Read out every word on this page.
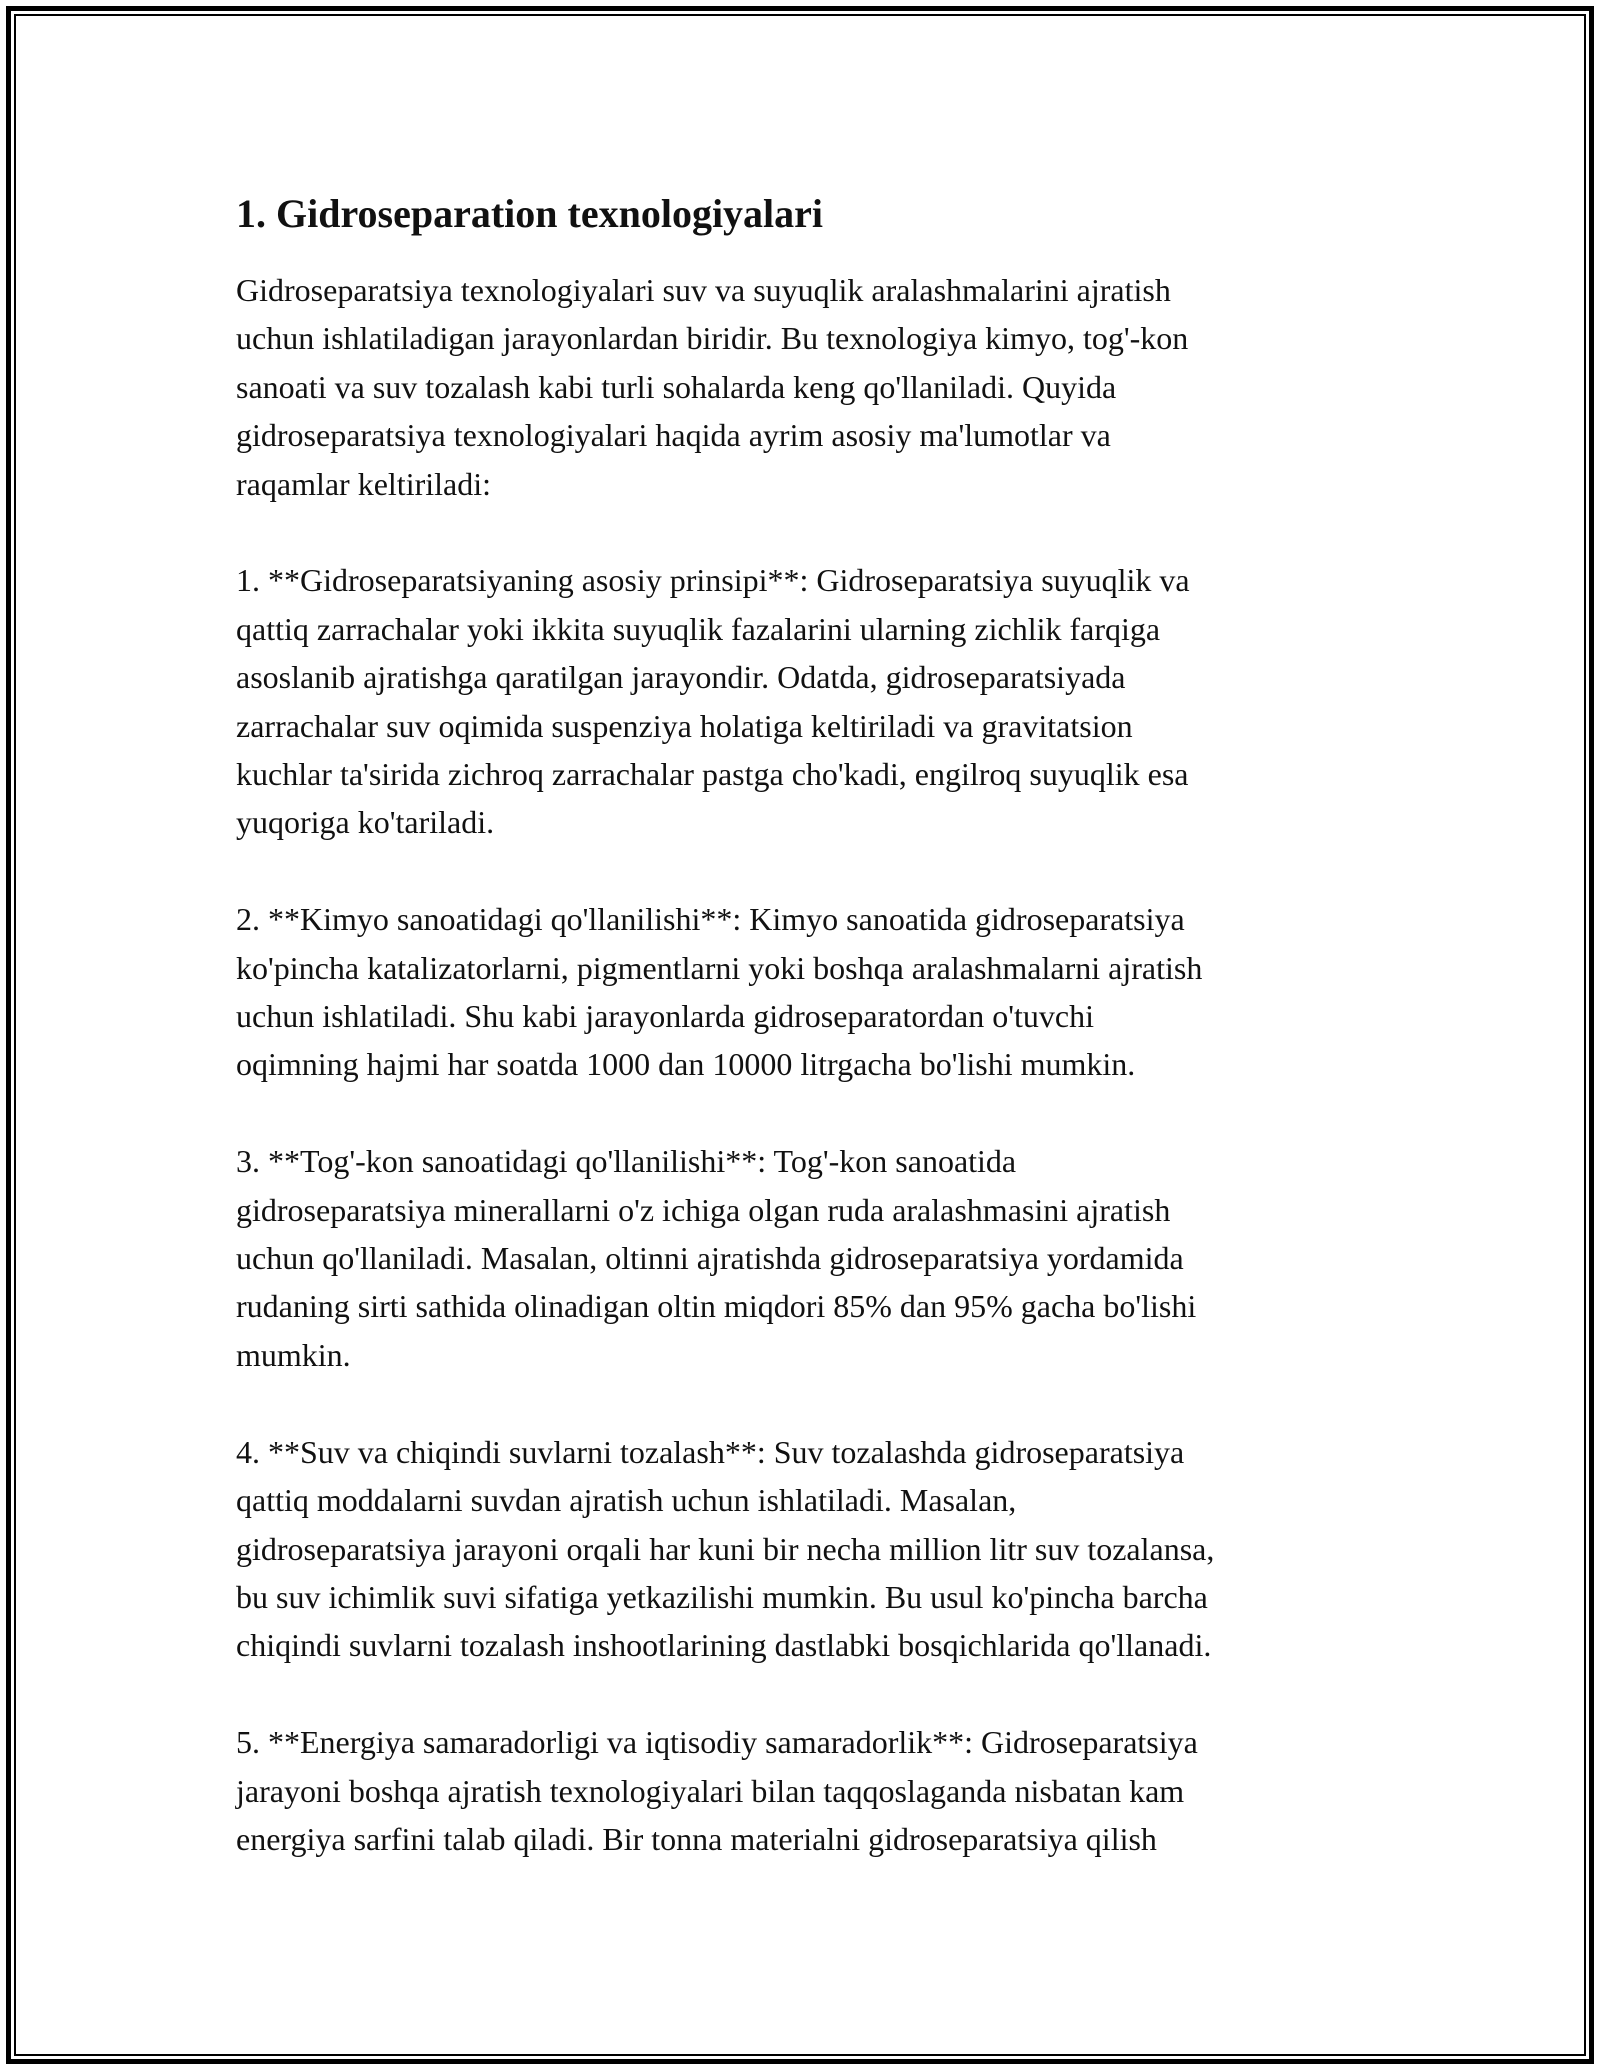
1. Gidroseparation texnologiyalari

Gidroseparatsiya texnologiyalari suv va suyuqlik aralashmalarini ajratish
uchun ishlatiladigan jarayonlardan biridir. Bu texnologiya kimyo, tog'-kon
sanoati va suv tozalash kabi turli sohalarda keng qo'llaniladi. Quyida
gidroseparatsiya texnologiyalari haqida ayrim asosiy ma'lumotlar va
raqamlar keltiriladi:

1. **Gidroseparatsiyaning asosiy prinsipi**: Gidroseparatsiya suyuqlik va
qattiq zarrachalar yoki ikkita suyuqlik fazalarini ularning zichlik farqiga
asoslanib ajratishga qaratilgan jarayondir. Odatda, gidroseparatsiyada
zarrachalar suv oqimida suspenziya holatiga keltiriladi va gravitatsion
kuchlar ta'sirida zichroq zarrachalar pastga cho'kadi, engilroq suyuqlik esa
yuqoriga ko'tariladi.

2. **Kimyo sanoatidagi qo'llanilishi**: Kimyo sanoatida gidroseparatsiya
ko'pincha katalizatorlarni, pigmentlarni yoki boshqa aralashmalarni ajratish
uchun ishlatiladi. Shu kabi jarayonlarda gidroseparatordan o'tuvchi
oqimning hajmi har soatda 1000 dan 10000 litrgacha bo'lishi mumkin.

3. **Tog'-kon sanoatidagi qo'llanilishi**: Tog'-kon sanoatida
gidroseparatsiya minerallarni o'z ichiga olgan ruda aralashmasini ajratish
uchun qo'llaniladi. Masalan, oltinni ajratishda gidroseparatsiya yordamida
rudaning sirti sathida olinadigan oltin miqdori 85% dan 95% gacha bo'lishi
mumkin.

4. **Suv va chiqindi suvlarni tozalash**: Suv tozalashda gidroseparatsiya
qattiq moddalarni suvdan ajratish uchun ishlatiladi. Masalan,
gidroseparatsiya jarayoni orqali har kuni bir necha million litr suv tozalansa,
bu suv ichimlik suvi sifatiga yetkazilishi mumkin. Bu usul ko'pincha barcha
chiqindi suvlarni tozalash inshootlarining dastlabki bosqichlarida qo'llanadi.

5. **Energiya samaradorligi va iqtisodiy samaradorlik**: Gidroseparatsiya
jarayoni boshqa ajratish texnologiyalari bilan taqqoslaganda nisbatan kam
energiya sarfini talab qiladi. Bir tonna materialni gidroseparatsiya qilish
